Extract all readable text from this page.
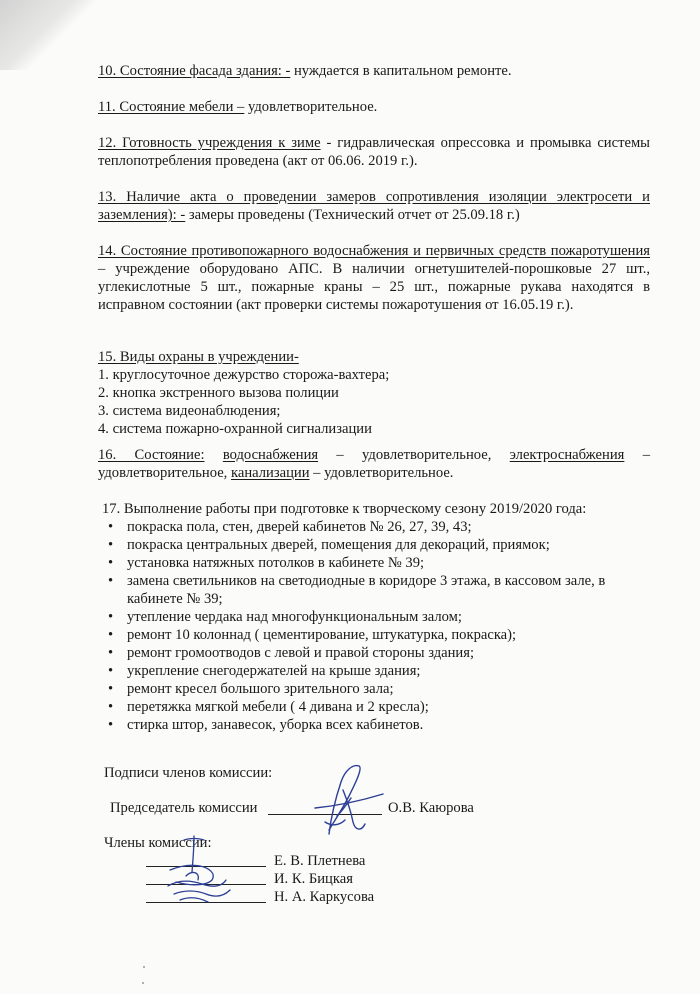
10. Состояние фасада здания: - нуждается в капитальном ремонте.
11. Состояние мебели – удовлетворительное.
12. Готовность учреждения к зиме - гидравлическая опрессовка и промывка системы теплопотребления проведена (акт от 06.06. 2019 г.).
13. Наличие акта о проведении замеров сопротивления изоляции электросети и заземления): - замеры проведены (Технический отчет от 25.09.18 г.)
14. Состояние противопожарного водоснабжения и первичных средств пожаротушения – учреждение оборудовано АПС. В наличии огнетушителей-порошковые 27 шт., углекислотные 5 шт., пожарные краны – 25 шт., пожарные рукава находятся в исправном состоянии (акт проверки системы пожаротушения от 16.05.19 г.).
15. Виды охраны в учреждении-
1. круглосуточное дежурство сторожа-вахтера;
2. кнопка экстренного вызова полиции
3. система видеонаблюдения;
4. система пожарно-охранной сигнализации
16. Состояние: водоснабжения – удовлетворительное, электроснабжения – удовлетворительное, канализации – удовлетворительное.
17. Выполнение работы при подготовке к творческому сезону 2019/2020 года:
• покраска пола, стен, дверей кабинетов № 26, 27, 39, 43;
• покраска центральных дверей, помещения для декораций, приямок;
• установка натяжных потолков в кабинете № 39;
• замена светильников на светодиодные в коридоре 3 этажа, в кассовом зале, в кабинете № 39;
• утепление чердака над многофункциональным залом;
• ремонт 10 колоннад ( цементирование, штукатурка, покраска);
• ремонт громоотводов с левой и правой стороны здания;
• укрепление снегодержателей на крыше здания;
• ремонт кресел большого зрительного зала;
• перетяжка мягкой мебели ( 4 дивана и 2 кресла);
• стирка штор, занавесок, уборка всех кабинетов.
Подписи членов комиссии:
Председатель комиссии	О.В. Каюрова
Члены комиссии:
Е. В. Плетнева
И. К. Бицкая
Н. А. Каркусова
